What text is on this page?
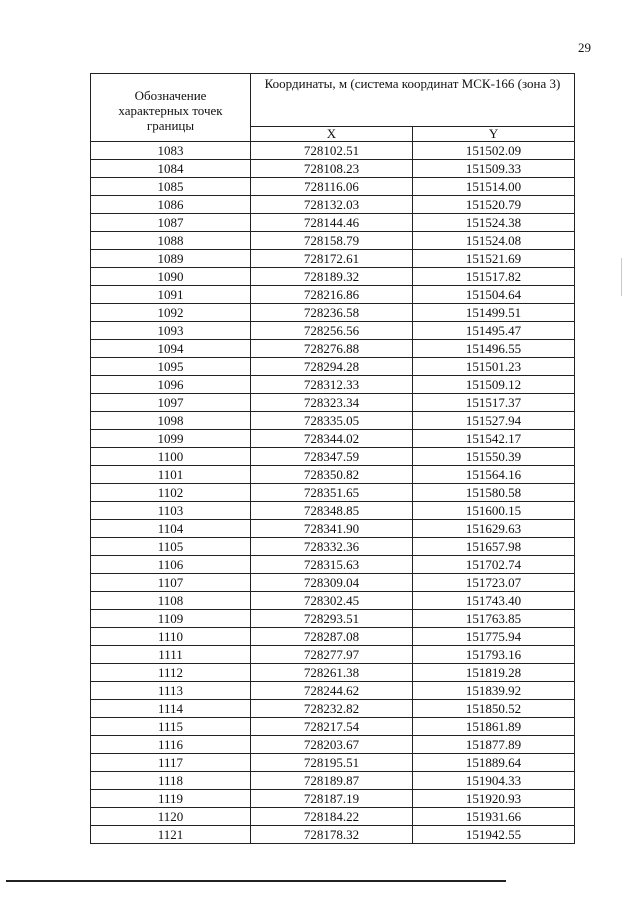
29
Обозначение характерных точек границы	Координаты, м (система координат МСК-166 (зона 3)	
	X	Y
1083	728102.51	151502.09
1084	728108.23	151509.33
1085	728116.06	151514.00
1086	728132.03	151520.79
1087	728144.46	151524.38
1088	728158.79	151524.08
1089	728172.61	151521.69
1090	728189.32	151517.82
1091	728216.86	151504.64
1092	728236.58	151499.51
1093	728256.56	151495.47
1094	728276.88	151496.55
1095	728294.28	151501.23
1096	728312.33	151509.12
1097	728323.34	151517.37
1098	728335.05	151527.94
1099	728344.02	151542.17
1100	728347.59	151550.39
1101	728350.82	151564.16
1102	728351.65	151580.58
1103	728348.85	151600.15
1104	728341.90	151629.63
1105	728332.36	151657.98
1106	728315.63	151702.74
1107	728309.04	151723.07
1108	728302.45	151743.40
1109	728293.51	151763.85
1110	728287.08	151775.94
1111	728277.97	151793.16
1112	728261.38	151819.28
1113	728244.62	151839.92
1114	728232.82	151850.52
1115	728217.54	151861.89
1116	728203.67	151877.89
1117	728195.51	151889.64
1118	728189.87	151904.33
1119	728187.19	151920.93
1120	728184.22	151931.66
1121	728178.32	151942.55
